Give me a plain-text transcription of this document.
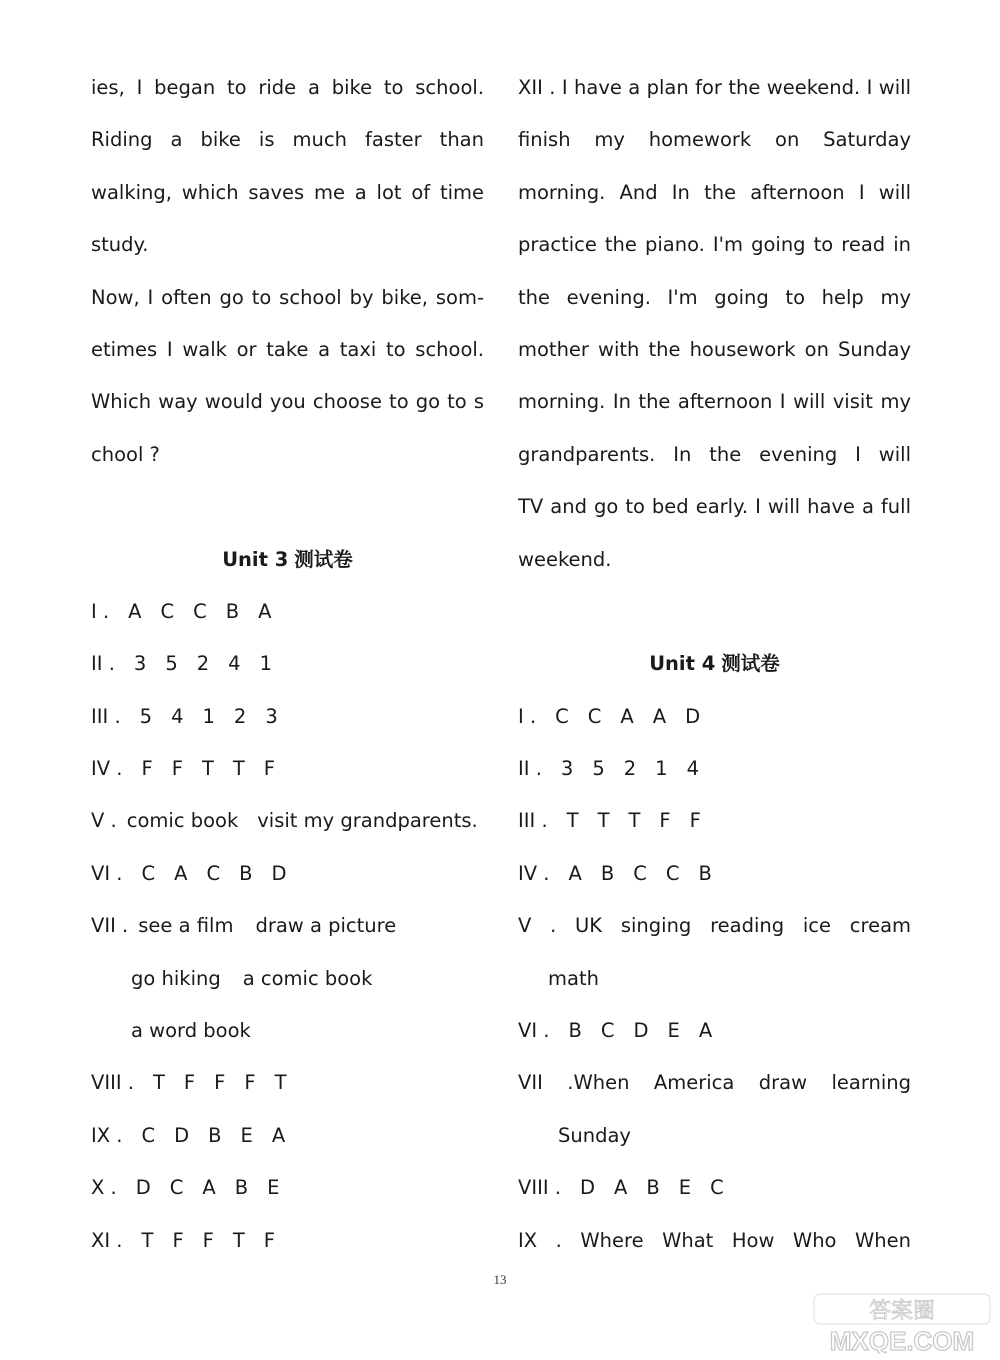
ies, I began to ride a bike to school.
Riding a bike is much faster than
walking, which saves me a lot of time
study.
Now, I often go to school by bike, som-
etimes I walk or take a taxi to school.
Which way would you choose to go to s
chool ?
Unit 3 测试卷
I . A C C B A
II . 3 5 2 4 1
III . 5 4 1 2 3
IV . F F T T F
V . comic book visit my grandparents.
VI . C A C B D
VII . see a film draw a picture
go hiking a comic book
a word book
VIII . T F F F T
IX . C D B E A
X . D C A B E
XI . T F F T F
XII . I have a plan for the weekend. I will
finish my homework on Saturday
morning. And In the afternoon I will
practice the piano. I'm going to read in
the evening. I'm going to help my
mother with the housework on Sunday
morning. In the afternoon I will visit my
grandparents. In the evening I will
TV and go to bed early. I will have a full
weekend.
Unit 4 测试卷
I . C C A A D
II . 3 5 2 1 4
III . T T T F F
IV . A B C C B
V . UK singing reading ice cream
math
VI . B C D E A
VII .When America draw learning
Sunday
VIII . D A B E C
IX . Where What How Who When
13
答案圈
MXQE.COM
